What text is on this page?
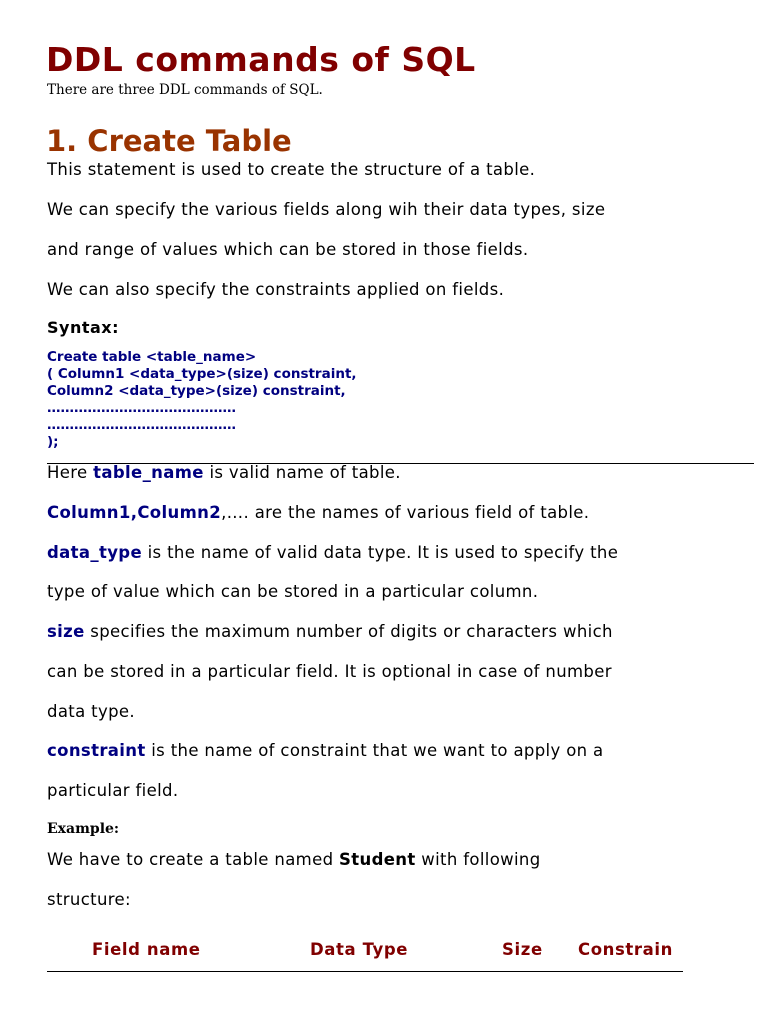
DDL commands of SQL
There are three DDL commands of SQL.
1. Create Table
This statement is used to create the structure of a table.
We can specify the various fields along wih their data types, size
and range of values which can be stored in those fields.
We can also specify the constraints applied on fields.
Syntax:
Create table <table_name>
( Column1 <data_type>(size) constraint,
Column2 <data_type>(size) constraint,
……………………………………
……………………………………
);
Here table_name is valid name of table.
Column1,Column2,…. are the names of various field of table.
data_type is the name of valid data type. It is used to specify the
type of value which can be stored in a particular column.
size specifies the maximum number of digits or characters which
can be stored in a particular field. It is optional in case of number
data type.
constraint is the name of constraint that we want to apply on a
particular field.
Example:
We have to create a table named Student with following
structure:
Field name	Data Type	Size Constrain
